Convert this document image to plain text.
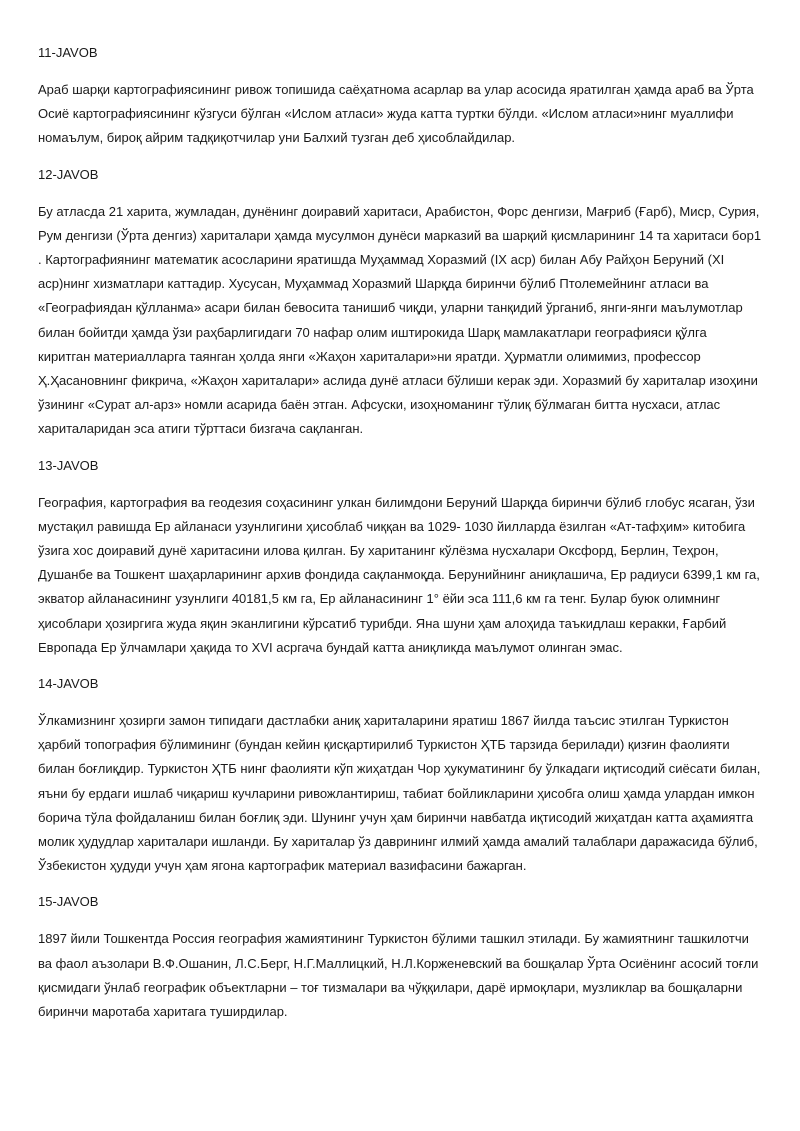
11-JAVOB

Араб шарқи картографиясининг ривож топишида саёҳатнома асарлар ва улар асосида яратилган ҳамда араб ва Ўрта Осиё картографиясининг кўзгуси бўлган «Ислом атласи» жуда катта туртки бўлди. «Ислом атласи»нинг муаллифи номаълум, бироқ айрим тадқиқотчилар уни Балхий тузган деб ҳисоблайдилар.

12-JAVOB

Бу атласда 21 харита, жумладан, дунёнинг доиравий харитаси, Арабистон, Форс денгизи, Мағриб (Ғарб), Миср, Сурия, Рум денгизи (Ўрта денгиз) хариталари ҳамда мусулмон дунёси марказий ва шарқий қисмларининг 14 та харитаси бор1 . Картографиянинг математик асосларини яратишда Муҳаммад Хоразмий (IX аср) билан Абу Райҳон Беруний (XI аср)нинг хизматлари каттадир. Хусусан, Муҳаммад Хоразмий Шарқда биринчи бўлиб Птолемейнинг атласи ва «Географиядан қўлланма» асари билан бевосита танишиб чиқди, уларни танқидий ўрганиб, янги-янги маълумотлар билан бойитди ҳамда ўзи раҳбарлигидаги 70 нафар олим иштирокида Шарқ мамлакатлари географияси қўлга киритган материалларга таянган ҳолда янги «Жаҳон хариталари»ни яратди. Ҳурматли олимимиз, профессор Ҳ.Ҳасановнинг фикрича, «Жаҳон хариталари» аслида дунё атласи бўлиши керак эди. Хоразмий бу хариталар изоҳини ўзининг «Сурат ал-арз» номли асарида баён этган. Афсуски, изоҳноманинг тўлиқ бўлмаган битта нусхаси, атлас хариталаридан эса атиги тўрттаси бизгача сақланган.

13-JAVOB

География, картография ва геодезия соҳасининг улкан билимдони Беруний Шарқда биринчи бўлиб глобус ясаган, ўзи мустақил равишда Ер айланаси узунлигини ҳисоблаб чиққан ва 1029- 1030 йилларда ёзилган «Ат-тафҳим» китобига ўзига хос доиравий дунё харитасини илова қилган. Бу хаританинг кўлёзма нусхалари Оксфорд, Берлин, Теҳрон, Душанбе ва Тошкент шаҳарларининг архив фондида сақланмоқда. Берунийнинг аниқлашича, Ер радиуси 6399,1 км га, экватор айланасининг узунлиги 40181,5 км га, Ер айланасининг 1° ёйи эса 111,6 км га тенг. Булар буюк олимнинг ҳисоблари ҳозиргига жуда яқин эканлигини кўрсатиб турибди. Яна шуни ҳам алоҳида таъкидлаш керакки, Ғарбий Европада Ер ўлчамлари ҳақида то XVI асргача бундай катта аниқликда маълумот олинган эмас.

14-JAVOB

Ўлкамизнинг ҳозирги замон типидаги дастлабки аниқ хариталарини яратиш 1867 йилда таъсис этилган Туркистон ҳарбий топография бўлимининг (бундан кейин қисқартирилиб Туркистон ҲТБ тарзида берилади) қизғин фаолияти билан боғлиқдир. Туркистон ҲТБ нинг фаолияти кўп жиҳатдан Чор ҳукуматининг бу ўлкадаги иқтисодий сиёсати билан, яъни бу ердаги ишлаб чиқариш кучларини ривожлантириш, табиат бойликларини ҳисобга олиш ҳамда улардан имкон борича тўла фойдаланиш билан боғлиқ эди. Шунинг учун ҳам биринчи навбатда иқтисодий жиҳатдан катта аҳамиятга молик ҳудудлар хариталари ишланди. Бу хариталар ўз даврининг илмий ҳамда амалий талаблари даражасида бўлиб, Ўзбекистон ҳудуди учун ҳам ягона картографик материал вазифасини бажарган.

15-JAVOB

1897 йили Тошкентда Россия география жамиятининг Туркистон бўлими ташкил этилади. Бу жамиятнинг ташкилотчи ва фаол аъзолари В.Ф.Ошанин, Л.С.Берг, Н.Г.Маллицкий, Н.Л.Корженевский ва бошқалар Ўрта Осиёнинг асосий тоғли қисмидаги ўнлаб географик объектларни – тоғ тизмалари ва чўққилари, дарё ирмоқлари, музликлар ва бошқаларни биринчи маротаба харитага туширдилар.
